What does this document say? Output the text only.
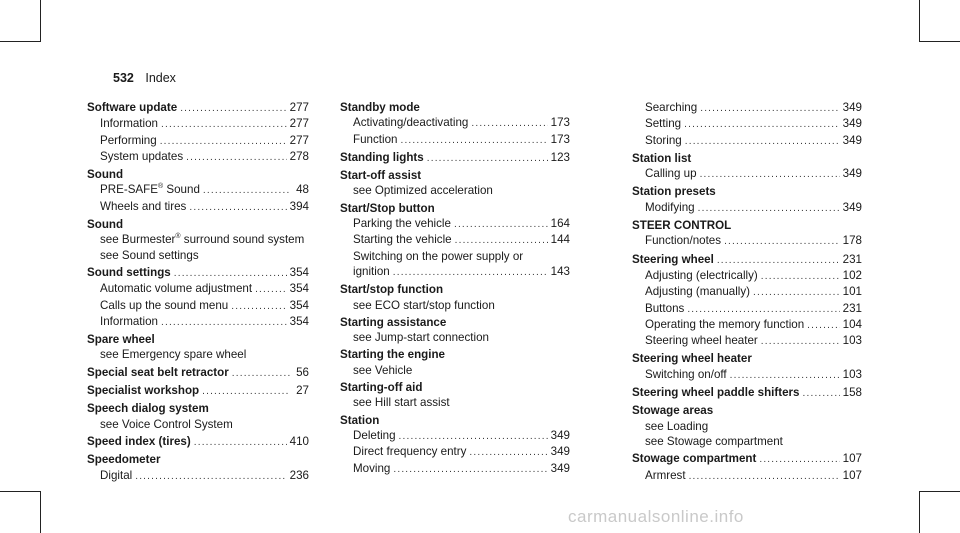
532 Index
Software update .....	277
Information .....	277
Performing .....	277
System updates .....	278
Sound
PRE-SAFE® Sound .....	48
Wheels and tires .....	394
Sound
see Burmester® surround sound system
see Sound settings
Sound settings .....	354
Automatic volume adjustment .....	354
Calls up the sound menu .....	354
Information .....	354
Spare wheel
see Emergency spare wheel
Special seat belt retractor .....	56
Specialist workshop .....	27
Speech dialog system
see Voice Control System
Speed index (tires) .....	410
Speedometer
Digital .....	236
Standby mode
Activating/deactivating .....	173
Function .....	173
Standing lights .....	123
Start-off assist
see Optimized acceleration
Start/Stop button
Parking the vehicle .....	164
Starting the vehicle .....	144
Switching on the power supply or
ignition .....	143
Start/stop function
see ECO start/stop function
Starting assistance
see Jump-start connection
Starting the engine
see Vehicle
Starting-off aid
see Hill start assist
Station
Deleting .....	349
Direct frequency entry .....	349
Moving .....	349
Searching .....	349
Setting .....	349
Storing .....	349
Station list
Calling up .....	349
Station presets
Modifying .....	349
STEER CONTROL
Function/notes .....	178
Steering wheel .....	231
Adjusting (electrically) .....	102
Adjusting (manually) .....	101
Buttons .....	231
Operating the memory function .....	104
Steering wheel heater .....	103
Steering wheel heater
Switching on/off .....	103
Steering wheel paddle shifters .....	158
Stowage areas
see Loading
see Stowage compartment
Stowage compartment .....	107
Armrest .....	107
carmanualsonline.info
